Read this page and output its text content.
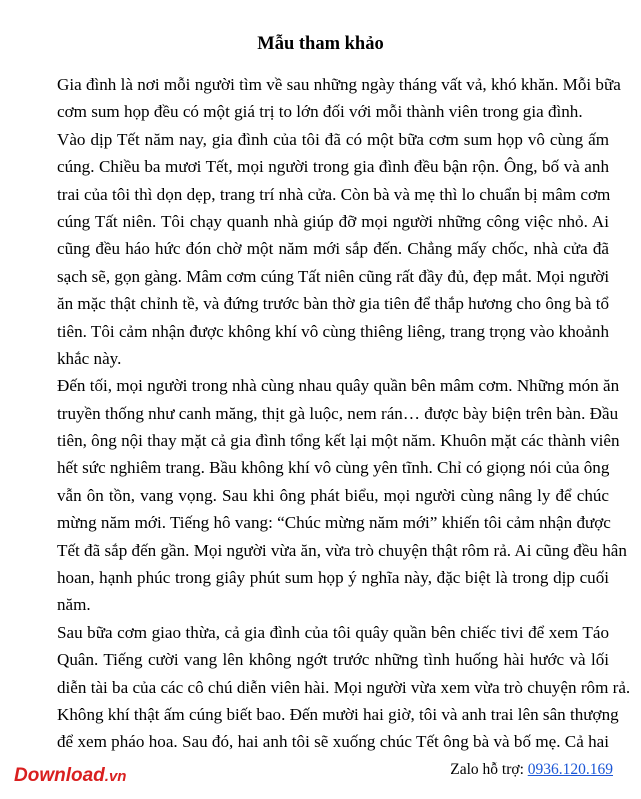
Mẫu tham khảo
Gia đình là nơi mỗi người tìm về sau những ngày tháng vất vả, khó khăn. Mỗi bữa
cơm sum họp đều có một giá trị to lớn đối với mỗi thành viên trong gia đình.
Vào dịp Tết năm nay, gia đình của tôi đã có một bữa cơm sum họp vô cùng ấm
cúng. Chiều ba mươi Tết, mọi người trong gia đình đều bận rộn. Ông, bố và anh
trai của tôi thì dọn dẹp, trang trí nhà cửa. Còn bà và mẹ thì lo chuẩn bị mâm cơm
cúng Tất niên. Tôi chạy quanh nhà giúp đỡ mọi người những công việc nhỏ. Ai
cũng đều háo hức đón chờ một năm mới sắp đến. Chẳng mấy chốc, nhà cửa đã
sạch sẽ, gọn gàng. Mâm cơm cúng Tất niên cũng rất đầy đủ, đẹp mắt. Mọi người
ăn mặc thật chỉnh tề, và đứng trước bàn thờ gia tiên để thắp hương cho ông bà tổ
tiên. Tôi cảm nhận được không khí vô cùng thiêng liêng, trang trọng vào khoảnh
khắc này.
Đến tối, mọi người trong nhà cùng nhau quây quần bên mâm cơm. Những món ăn
truyền thống như canh măng, thịt gà luộc, nem rán… được bày biện trên bàn. Đầu
tiên, ông nội thay mặt cả gia đình tổng kết lại một năm. Khuôn mặt các thành viên
hết sức nghiêm trang. Bầu không khí vô cùng yên tĩnh. Chỉ có giọng nói của ông
vẫn ôn tồn, vang vọng. Sau khi ông phát biểu, mọi người cùng nâng ly để chúc
mừng năm mới. Tiếng hô vang: “Chúc mừng năm mới” khiến tôi cảm nhận được
Tết đã sắp đến gần. Mọi người vừa ăn, vừa trò chuyện thật rôm rả. Ai cũng đều hân
hoan, hạnh phúc trong giây phút sum họp ý nghĩa này, đặc biệt là trong dịp cuối
năm.
Sau bữa cơm giao thừa, cả gia đình của tôi quây quần bên chiếc tivi để xem Táo
Quân. Tiếng cười vang lên không ngớt trước những tình huống hài hước và lối
diễn tài ba của các cô chú diễn viên hài. Mọi người vừa xem vừa trò chuyện rôm rả.
Không khí thật ấm cúng biết bao. Đến mười hai giờ, tôi và anh trai lên sân thượng
để xem pháo hoa. Sau đó, hai anh tôi sẽ xuống chúc Tết ông bà và bố mẹ. Cả hai
Download.vn	Zalo hỗ trợ: 0936.120.169
